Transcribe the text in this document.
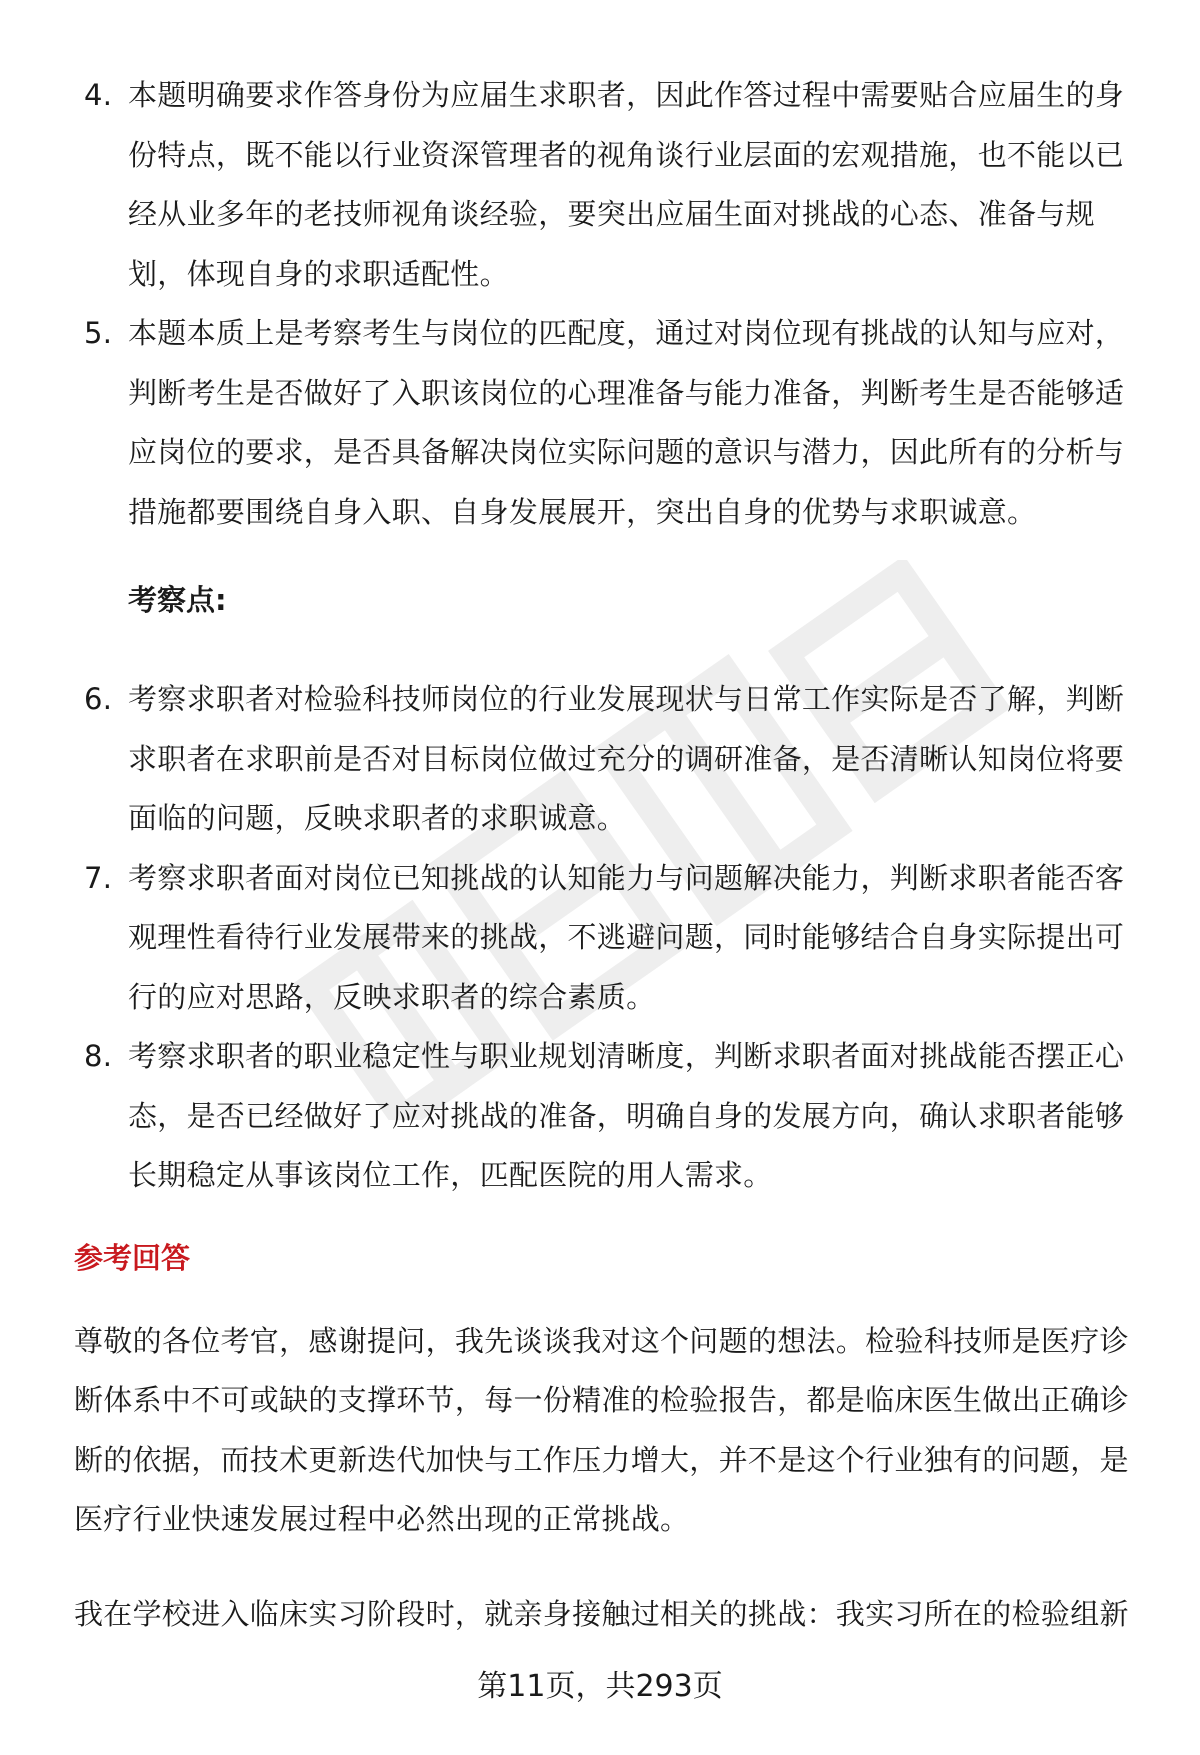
4. 本题明确要求作答身份为应届生求职者，因此作答过程中需要贴合应届生的身份特点，既不能以行业资深管理者的视角谈行业层面的宏观措施，也不能以已经从业多年的老技师视角谈经验，要突出应届生面对挑战的心态、准备与规划，体现自身的求职适配性。
5. 本题本质上是考察考生与岗位的匹配度，通过对岗位现有挑战的认知与应对，判断考生是否做好了入职该岗位的心理准备与能力准备，判断考生是否能够适应岗位的要求，是否具备解决岗位实际问题的意识与潜力，因此所有的分析与措施都要围绕自身入职、自身发展展开，突出自身的优势与求职诚意。
考察点:
6. 考察求职者对检验科技师岗位的行业发展现状与日常工作实际是否了解，判断求职者在求职前是否对目标岗位做过充分的调研准备，是否清晰认知岗位将要面临的问题，反映求职者的求职诚意。
7. 考察求职者面对岗位已知挑战的认知能力与问题解决能力，判断求职者能否客观理性看待行业发展带来的挑战，不逃避问题，同时能够结合自身实际提出可行的应对思路，反映求职者的综合素质。
8. 考察求职者的职业稳定性与职业规划清晰度，判断求职者面对挑战能否摆正心态，是否已经做好了应对挑战的准备，明确自身的发展方向，确认求职者能够长期稳定从事该岗位工作，匹配医院的用人需求。
参考回答

尊敬的各位考官，感谢提问，我先谈谈我对这个问题的想法。检验科技师是医疗诊断体系中不可或缺的支撑环节，每一份精准的检验报告，都是临床医生做出正确诊断的依据，而技术更新迭代加快与工作压力增大，并不是这个行业独有的问题，是医疗行业快速发展过程中必然出现的正常挑战。

我在学校进入临床实习阶段时，就亲身接触过相关的挑战：我实习所在的检验组新

第11页，共293页
